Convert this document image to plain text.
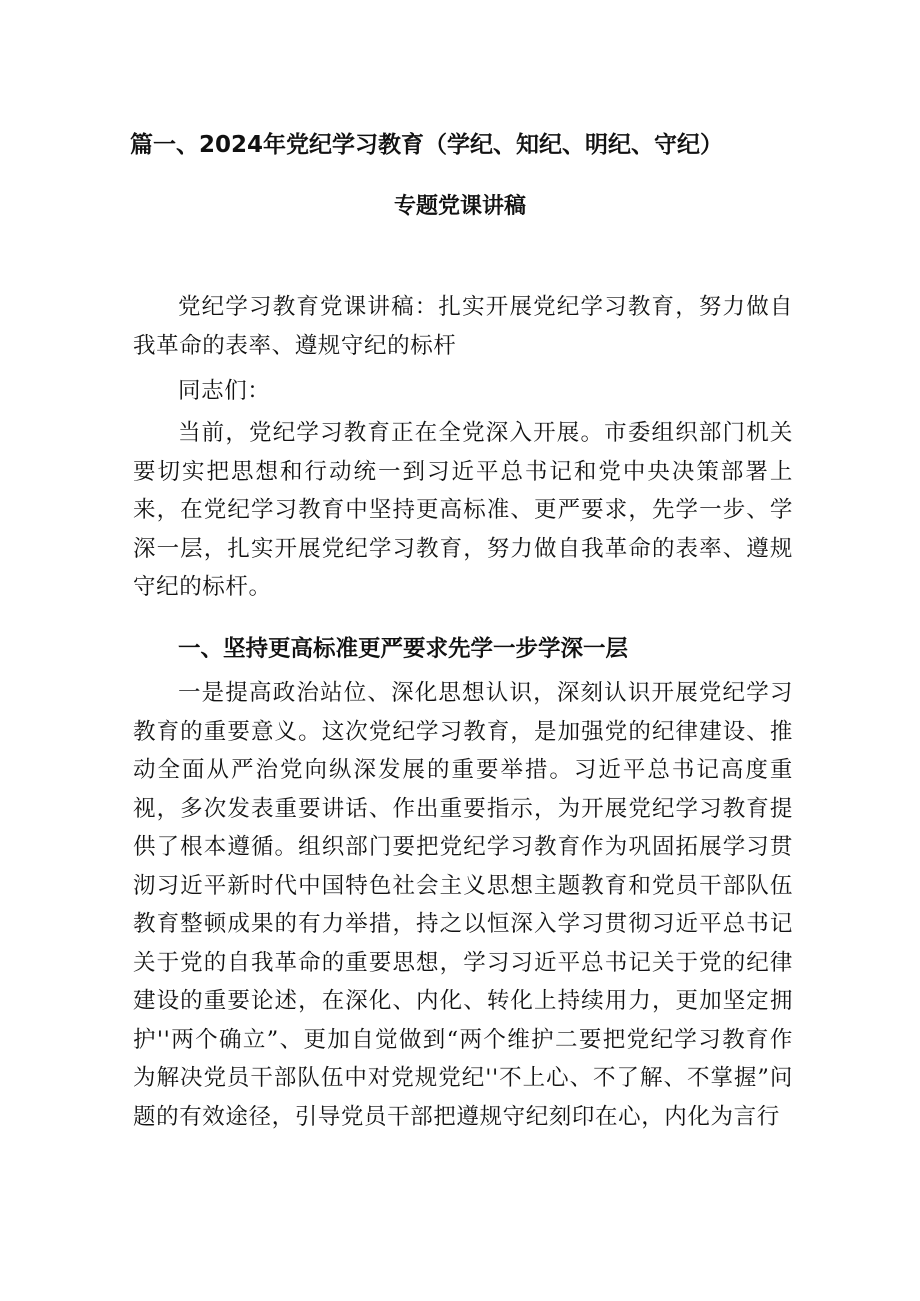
篇一、2024年党纪学习教育（学纪、知纪、明纪、守纪）
专题党课讲稿

党纪学习教育党课讲稿：扎实开展党纪学习教育，努力做自我革命的表率、遵规守纪的标杆

同志们：

当前，党纪学习教育正在全党深入开展。市委组织部门机关要切实把思想和行动统一到习近平总书记和党中央决策部署上来，在党纪学习教育中坚持更高标准、更严要求，先学一步、学深一层，扎实开展党纪学习教育，努力做自我革命的表率、遵规守纪的标杆。

一、坚持更高标准更严要求先学一步学深一层

一是提高政治站位、深化思想认识，深刻认识开展党纪学习教育的重要意义。这次党纪学习教育，是加强党的纪律建设、推动全面从严治党向纵深发展的重要举措。习近平总书记高度重视，多次发表重要讲话、作出重要指示，为开展党纪学习教育提供了根本遵循。组织部门要把党纪学习教育作为巩固拓展学习贯沏习近平新时代中国特色社会主义思想主题教育和党员干部队伍教育整顿成果的有力举措，持之以恒深入学习贯彻习近平总书记关于党的自我革命的重要思想，学习习近平总书记关于党的纪律建设的重要论述，在深化、内化、转化上持续用力，更加坚定拥护''两个确立”、更加自觉做到“两个维护二要把党纪学习教育作为解决党员干部队伍中对党规党纪''不上心、不了解、不掌握”问题的有效途径，引导党员干部把遵规守纪刻印在心，内化为言行
